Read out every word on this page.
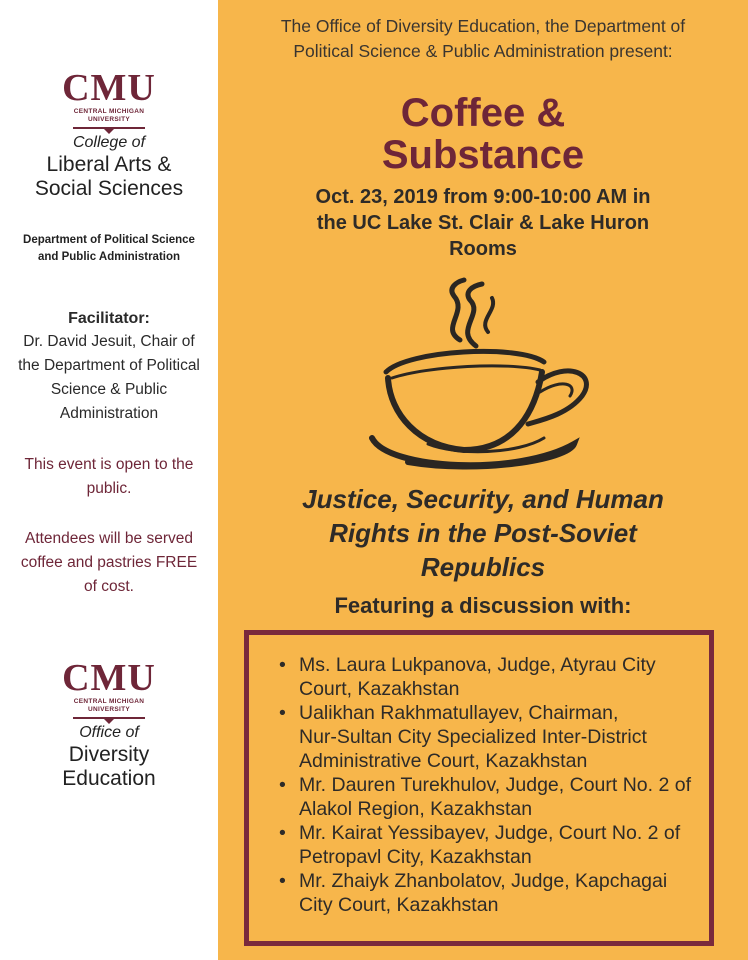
CMU
CENTRAL MICHIGAN
UNIVERSITY
College of
Liberal Arts &
Social Sciences
Department of Political Science
and Public Administration
Facilitator:
Dr. David Jesuit, Chair of
the Department of Political
Science & Public
Administration
This event is open to the
public.
Attendees will be served
coffee and pastries FREE
of cost.
CMU
CENTRAL MICHIGAN
UNIVERSITY
Office of
Diversity
Education
The Office of Diversity Education, the Department of
Political Science & Public Administration present:
Coffee &
Substance
Oct. 23, 2019 from 9:00-10:00 AM in
the UC Lake St. Clair & Lake Huron
Rooms
Justice, Security, and Human
Rights in the Post-Soviet
Republics
Featuring a discussion with:
• Ms. Laura Lukpanova, Judge, Atyrau City
Court, Kazakhstan
• Ualikhan Rakhmatullayev, Chairman,
Nur-Sultan City Specialized Inter-District
Administrative Court, Kazakhstan
• Mr. Dauren Turekhulov, Judge, Court No. 2 of
Alakol Region, Kazakhstan
• Mr. Kairat Yessibayev, Judge, Court No. 2 of
Petropavl City, Kazakhstan
• Mr. Zhaiyk Zhanbolatov, Judge, Kapchagai
City Court, Kazakhstan
